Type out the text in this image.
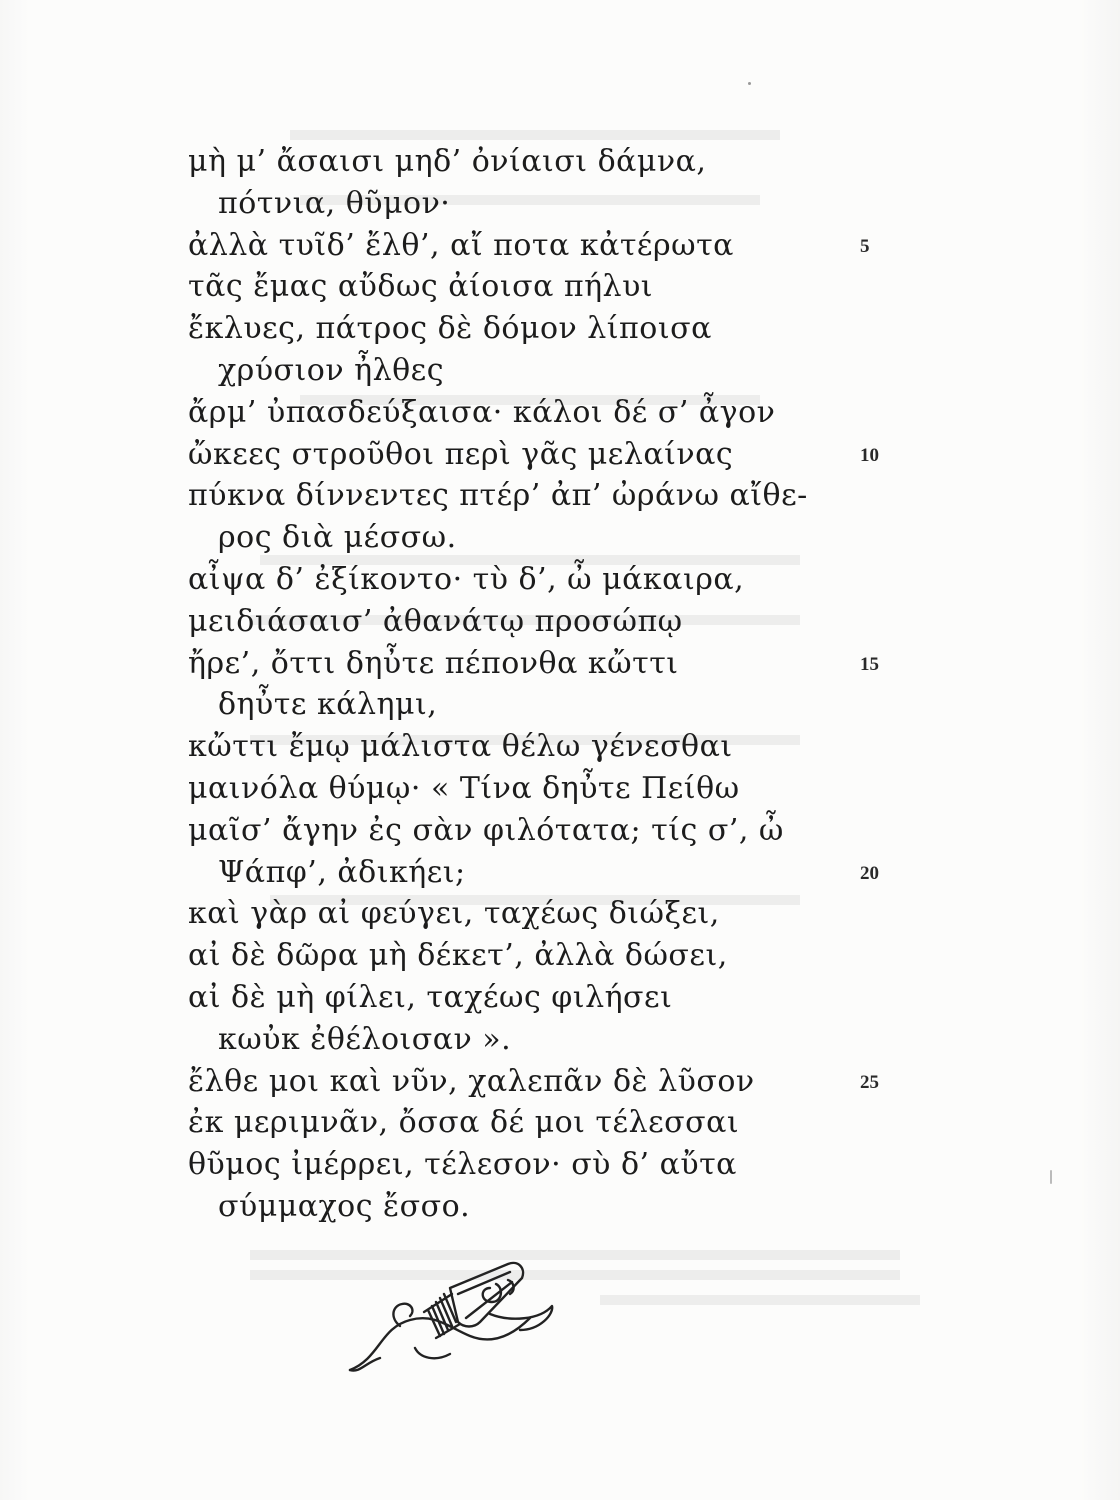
μὴ μ’ ἄσαισι μηδ’ ὀνίαισι δάμνα,
πότνια, θῦμον·
ἀλλὰ τυῖδ’ ἔλθ’, αἴ ποτα κἀτέρωτα	5
τᾶς ἔμας αὔδως ἀίοισα πήλυι
ἔκλυες, πάτρος δὲ δόμον λίποισα
χρύσιον ἦλθες
ἄρμ’ ὐπασδεύξαισα· κάλοι δέ σ’ ἆγον
ὤκεες στροῦθοι περὶ γᾶς μελαίνας	10
πύκνα δίννεντες πτέρ’ ἀπ’ ὠράνω αἴθε-
ρος διὰ μέσσω.
αἶψα δ’ ἐξίκοντο· τὺ δ’, ὦ μάκαιρα,
μειδιάσαισ’ ἀθανάτῳ προσώπῳ
ἤρε’, ὄττι δηὖτε πέπονθα κὤττι	15
δηὖτε κάλημι,
κὤττι ἔμῳ μάλιστα θέλω γένεσθαι
μαινόλα θύμῳ· « Τίνα δηὖτε Πείθω
μαῖσ’ ἄγην ἐς σὰν φιλότατα; τίς σ’, ὦ
Ψάπφ’, ἀδικήει;	20
καὶ γὰρ αἰ φεύγει, ταχέως διώξει,
αἰ δὲ δῶρα μὴ δέκετ’, ἀλλὰ δώσει,
αἰ δὲ μὴ φίλει, ταχέως φιλήσει
κωὐκ ἐθέλοισαν ».
ἔλθε μοι καὶ νῦν, χαλεπᾶν δὲ λῦσον	25
ἐκ μεριμνᾶν, ὄσσα δέ μοι τέλεσσαι
θῦμος ἰμέρρει, τέλεσον· σὺ δ’ αὔτα
σύμμαχος ἔσσο.
